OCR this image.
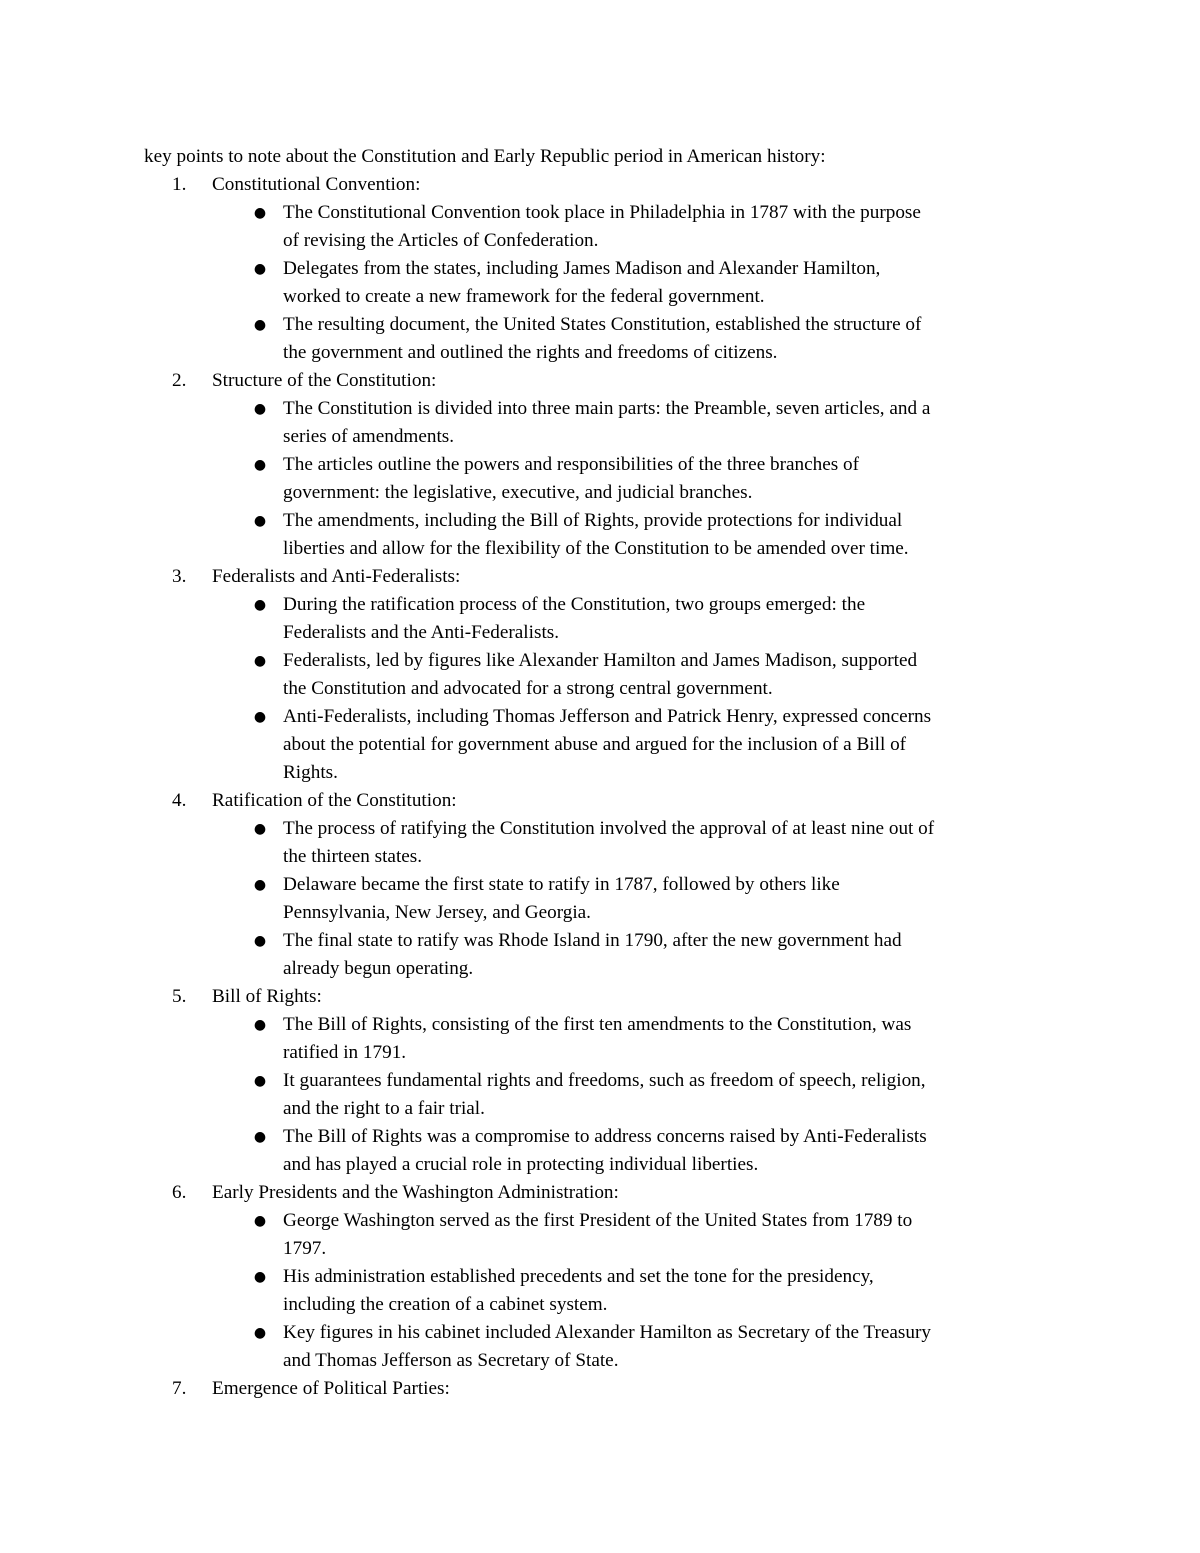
key points to note about the Constitution and Early Republic period in American history:

1.	Constitutional Convention:
● The Constitutional Convention took place in Philadelphia in 1787 with the purpose
of revising the Articles of Confederation.
● Delegates from the states, including James Madison and Alexander Hamilton,
worked to create a new framework for the federal government.
● The resulting document, the United States Constitution, established the structure of
the government and outlined the rights and freedoms of citizens.
2.	Structure of the Constitution:
● The Constitution is divided into three main parts: the Preamble, seven articles, and a
series of amendments.
● The articles outline the powers and responsibilities of the three branches of
government: the legislative, executive, and judicial branches.
● The amendments, including the Bill of Rights, provide protections for individual
liberties and allow for the flexibility of the Constitution to be amended over time.
3.	Federalists and Anti-Federalists:
● During the ratification process of the Constitution, two groups emerged: the
Federalists and the Anti-Federalists.
● Federalists, led by figures like Alexander Hamilton and James Madison, supported
the Constitution and advocated for a strong central government.
● Anti-Federalists, including Thomas Jefferson and Patrick Henry, expressed concerns
about the potential for government abuse and argued for the inclusion of a Bill of
Rights.
4.	Ratification of the Constitution:
● The process of ratifying the Constitution involved the approval of at least nine out of
the thirteen states.
● Delaware became the first state to ratify in 1787, followed by others like
Pennsylvania, New Jersey, and Georgia.
● The final state to ratify was Rhode Island in 1790, after the new government had
already begun operating.
5.	Bill of Rights:
● The Bill of Rights, consisting of the first ten amendments to the Constitution, was
ratified in 1791.
● It guarantees fundamental rights and freedoms, such as freedom of speech, religion,
and the right to a fair trial.
● The Bill of Rights was a compromise to address concerns raised by Anti-Federalists
and has played a crucial role in protecting individual liberties.
6.	Early Presidents and the Washington Administration:
● George Washington served as the first President of the United States from 1789 to
1797.
● His administration established precedents and set the tone for the presidency,
including the creation of a cabinet system.
● Key figures in his cabinet included Alexander Hamilton as Secretary of the Treasury
and Thomas Jefferson as Secretary of State.
7.	Emergence of Political Parties:
